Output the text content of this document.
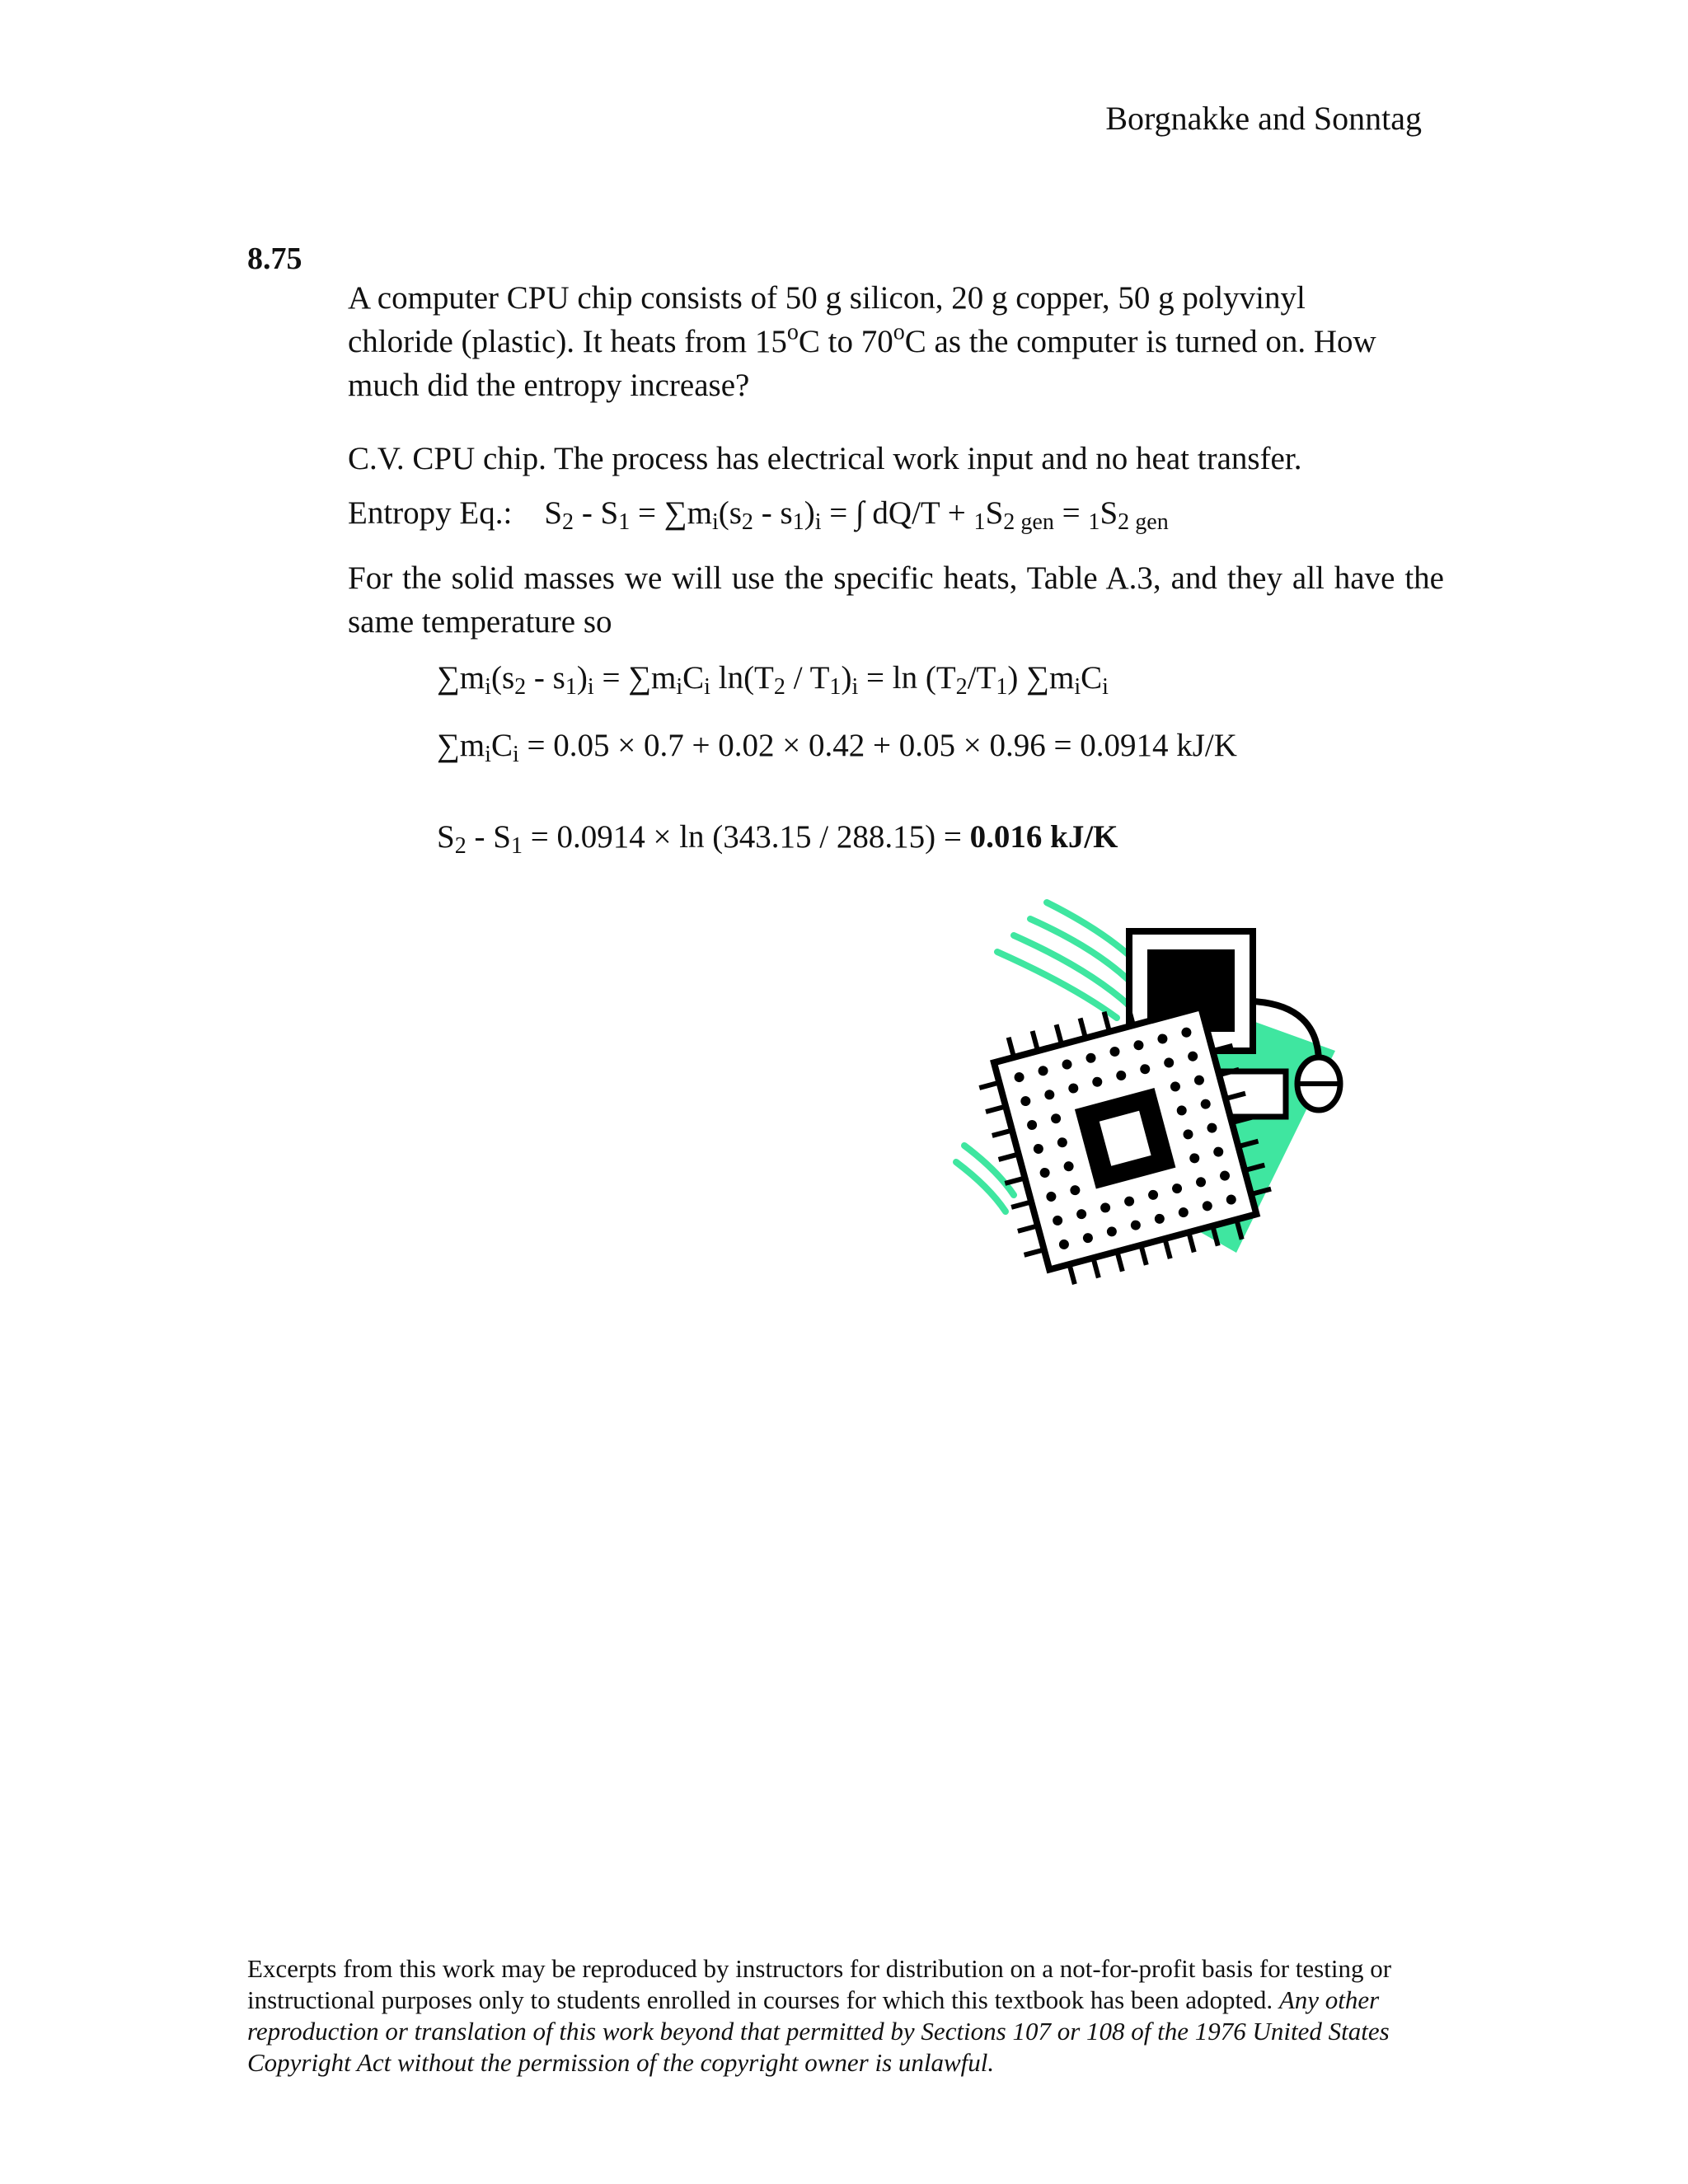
Borgnakke and Sonntag
8.75
A computer CPU chip consists of 50 g silicon, 20 g copper, 50 g polyvinyl
chloride (plastic). It heats from 15$^o$C to 70$^o$C as the computer is turned on. How
much did the entropy increase?
C.V. CPU chip. The process has electrical work input and no heat transfer.
Entropy Eq.:    $S_2 - S_1 = \sum m_i(s_2 - s_1)_i$ = ∫ $dQ/T + _1S_{2 gen} = _1S_{2 gen}$
For the solid masses we will use the specific heats, Table A.3, and they all have the same temperature so
$\sum m_i(s_2 - s_1)_i = \sum m_iC_i$ $\ln(T_2 / T_1)_i = \ln (T_2/T_1)$ $\sum m_iC_i$
$\sum m_iC_i = 0.05 \times 0.7 + 0.02 \times 0.42 + 0.05 \times 0.96 = 0.0914$ kJ/K
$S_2 - S_1 = 0.0914 \times \ln (343.15 / 288.15) = 0.016$ kJ/K
Excerpts from this work may be reproduced by instructors for distribution on a not-for-profit basis for testing or instructional purposes only to students enrolled in courses for which this textbook has been adopted. Any other reproduction or translation of this work beyond that permitted by Sections 107 or 108 of the 1976 United States Copyright Act without the permission of the copyright owner is unlawful.
